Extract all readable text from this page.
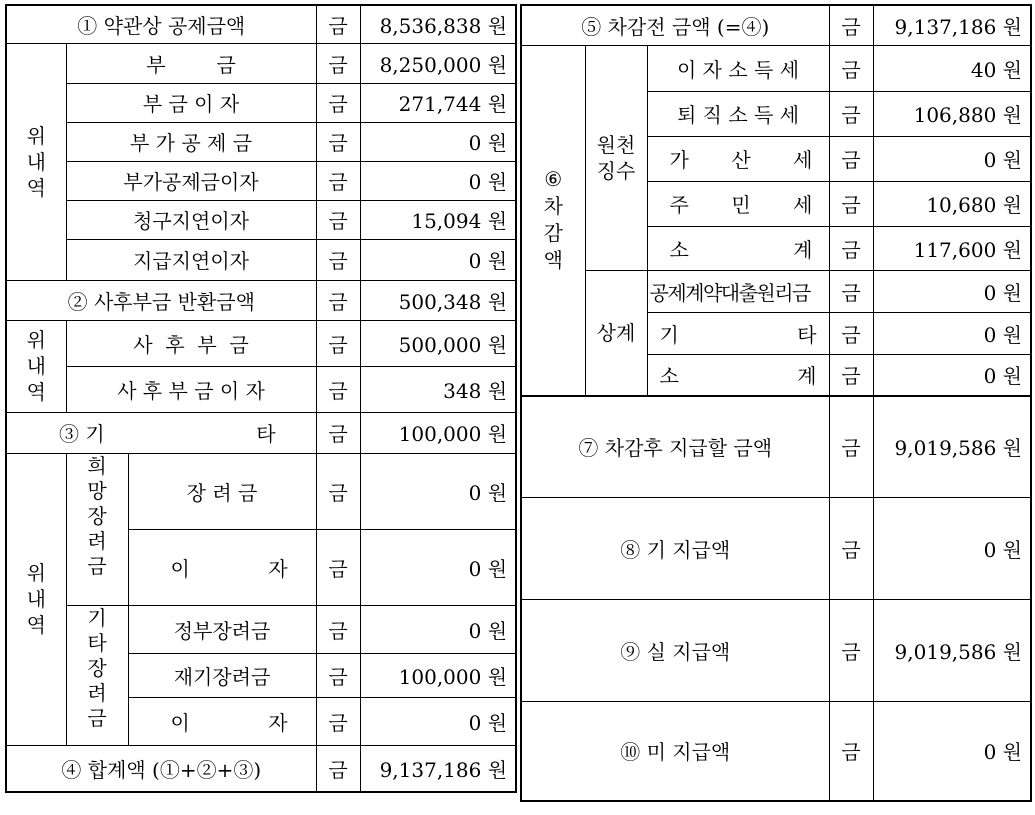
① 약관상 공제금액			금	8,536,838 원
위
내
역	부        금		금	8,250,000 원
	부 금 이 자		금	271,744 원
	부 가 공 제 금		금	0 원
	부가공제금이자		금	0 원
	청구지연이자		금	15,094 원
	지급지연이자		금	0 원
② 사후부금 반환금액			금	500,348 원
위
내
역	사  후  부  금		금	500,000 원
	사 후 부 금 이 자		금	348 원

③ 기 타			금	100,000 원
위
내
역	희
망
장
려
금	장 려 금	금	0 원

		이 자	금	0 원
	기
타
장
려
금	정부장려금	금	0 원
		재기장려금	금	100,000 원

		이 자	금	0 원
④ 합계액 (①+②+③)			금	9,137,186 원
⑤ 차감전 금액 (=④)			금	9,137,186 원
⑥
차
감
액	원천
징수	이 자 소 득 세	금	40 원
		퇴 직 소 득 세	금	106,880 원

		가 산 세	금	0 원

		주 민 세	금	10,680 원

		소 계	금	117,600 원
	상계	공제계약대출원리금	금	0 원

		기 타	금	0 원

		소 계	금	0 원
⑦ 차감후 지급할 금액			금	9,019,586 원
⑧ 기 지급액			금	0 원
⑨ 실 지급액			금	9,019,586 원
⑩ 미 지급액			금	0 원
